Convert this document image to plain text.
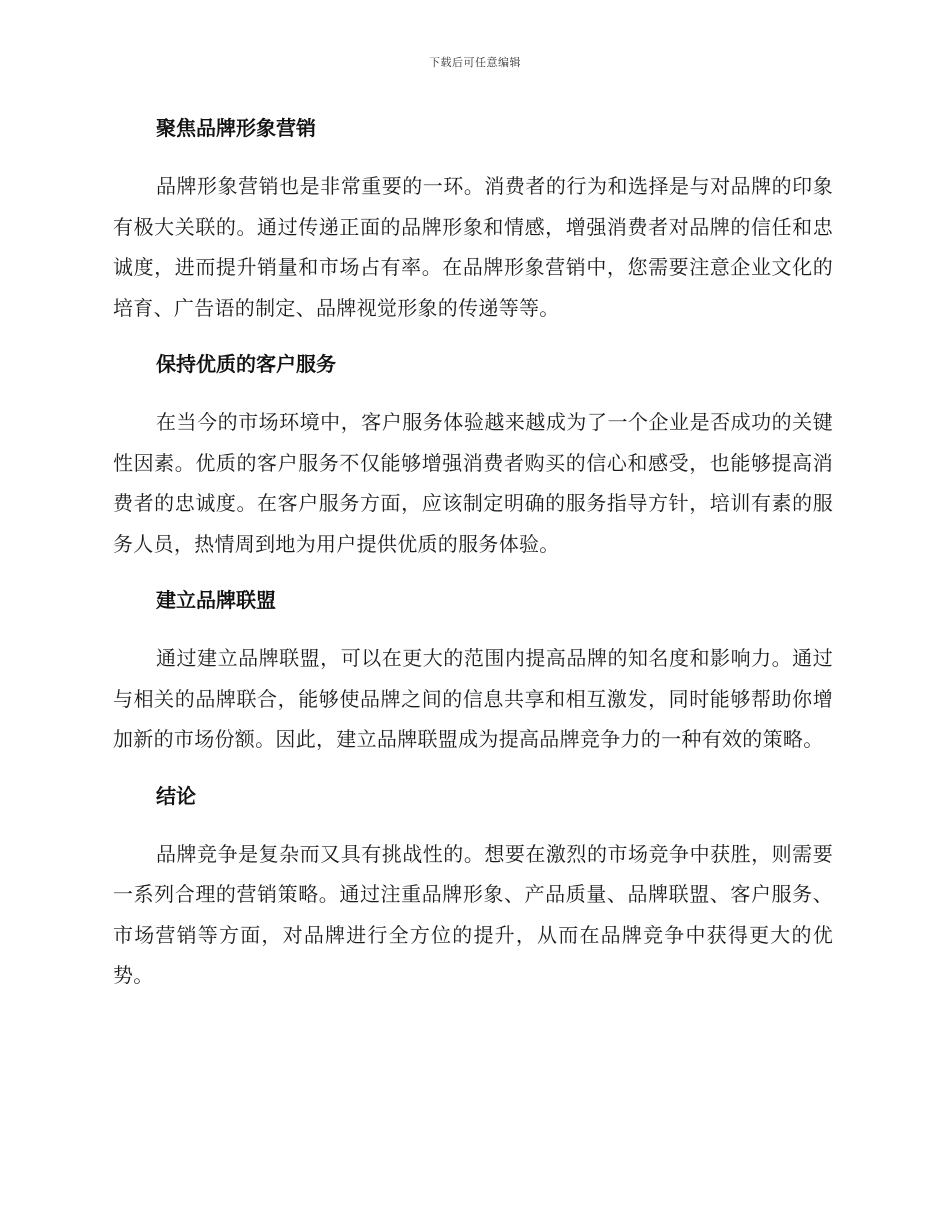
下载后可任意编辑
聚焦品牌形象营销

品牌形象营销也是非常重要的一环。消费者的行为和选择是与对品牌的印象有极大关联的。通过传递正面的品牌形象和情感，增强消费者对品牌的信任和忠诚度，进而提升销量和市场占有率。在品牌形象营销中，您需要注意企业文化的培育、广告语的制定、品牌视觉形象的传递等等。

保持优质的客户服务

在当今的市场环境中，客户服务体验越来越成为了一个企业是否成功的关键性因素。优质的客户服务不仅能够增强消费者购买的信心和感受，也能够提高消费者的忠诚度。在客户服务方面，应该制定明确的服务指导方针，培训有素的服务人员，热情周到地为用户提供优质的服务体验。

建立品牌联盟

通过建立品牌联盟，可以在更大的范围内提高品牌的知名度和影响力。通过与相关的品牌联合，能够使品牌之间的信息共享和相互激发，同时能够帮助你增加新的市场份额。因此，建立品牌联盟成为提高品牌竞争力的一种有效的策略。

结论

品牌竞争是复杂而又具有挑战性的。想要在激烈的市场竞争中获胜，则需要一系列合理的营销策略。通过注重品牌形象、产品质量、品牌联盟、客户服务、市场营销等方面，对品牌进行全方位的提升，从而在品牌竞争中获得更大的优势。
